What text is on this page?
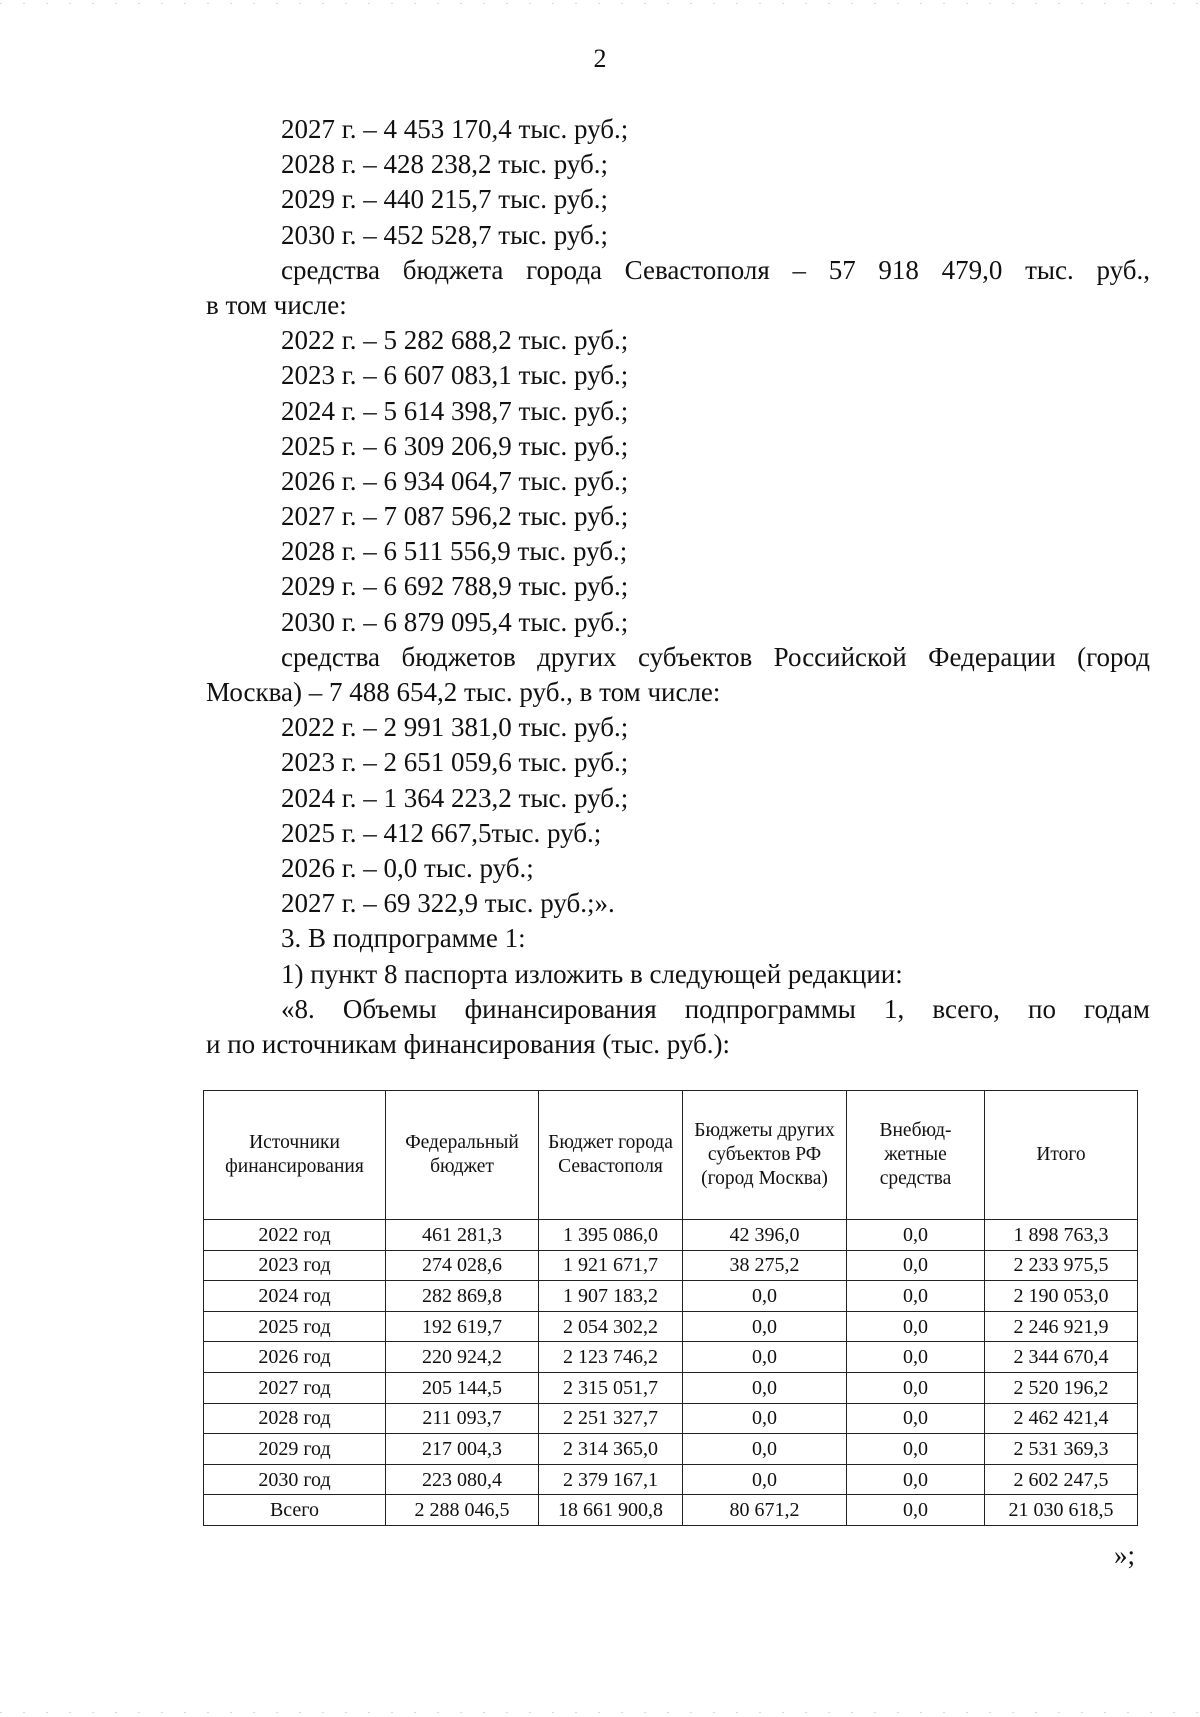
2
2027 г. – 4 453 170,4 тыс. руб.;
2028 г. – 428 238,2 тыс. руб.;
2029 г. – 440 215,7 тыс. руб.;
2030 г. – 452 528,7 тыс. руб.;
средства бюджета города Севастополя – 57 918 479,0 тыс. руб.,
в том числе:
2022 г. – 5 282 688,2 тыс. руб.;
2023 г. – 6 607 083,1 тыс. руб.;
2024 г. – 5 614 398,7 тыс. руб.;
2025 г. – 6 309 206,9 тыс. руб.;
2026 г. – 6 934 064,7 тыс. руб.;
2027 г. – 7 087 596,2 тыс. руб.;
2028 г. – 6 511 556,9 тыс. руб.;
2029 г. – 6 692 788,9 тыс. руб.;
2030 г. – 6 879 095,4 тыс. руб.;
средства бюджетов других субъектов Российской Федерации (город
Москва) – 7 488 654,2 тыс. руб., в том числе:
2022 г. – 2 991 381,0 тыс. руб.;
2023 г. – 2 651 059,6 тыс. руб.;
2024 г. – 1 364 223,2 тыс. руб.;
2025 г. – 412 667,5тыс. руб.;
2026 г. – 0,0 тыс. руб.;
2027 г. – 69 322,9 тыс. руб.;».
3. В подпрограмме 1:
1) пункт 8 паспорта изложить в следующей редакции:
«8. Объемы финансирования подпрограммы 1, всего, по годам
и по источникам финансирования (тыс. руб.):
Источники финансирования	Федеральный бюджет	Бюджет города Севастополя	Бюджеты других субъектов РФ (город Москва)	Внебюд-жетные средства	Итого
2022 год	461 281,3	1 395 086,0	42 396,0	0,0	1 898 763,3
2023 год	274 028,6	1 921 671,7	38 275,2	0,0	2 233 975,5
2024 год	282 869,8	1 907 183,2	0,0	0,0	2 190 053,0
2025 год	192 619,7	2 054 302,2	0,0	0,0	2 246 921,9
2026 год	220 924,2	2 123 746,2	0,0	0,0	2 344 670,4
2027 год	205 144,5	2 315 051,7	0,0	0,0	2 520 196,2
2028 год	211 093,7	2 251 327,7	0,0	0,0	2 462 421,4
2029 год	217 004,3	2 314 365,0	0,0	0,0	2 531 369,3
2030 год	223 080,4	2 379 167,1	0,0	0,0	2 602 247,5
Всего	2 288 046,5	18 661 900,8	80 671,2	0,0	21 030 618,5
»;
